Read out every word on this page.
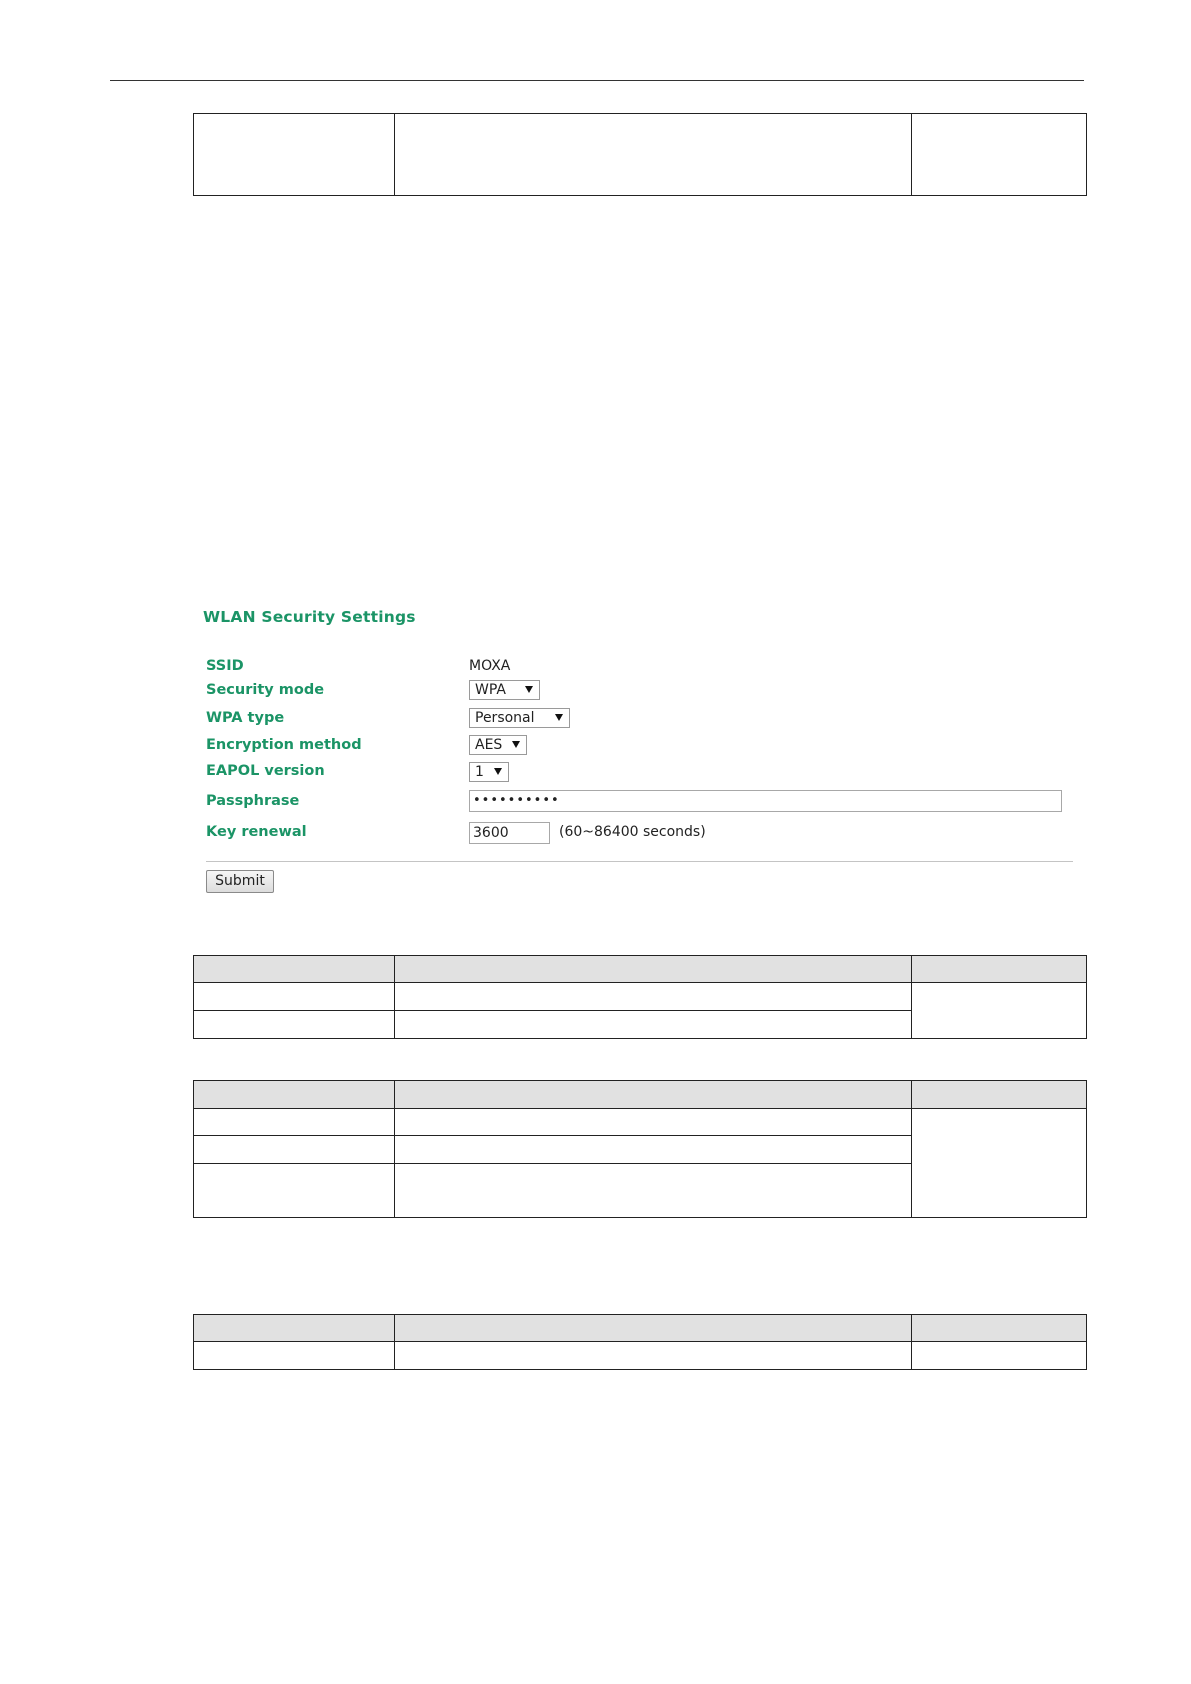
WLAN Security Settings
SSID	MOXA
Security mode	WPA
WPA type	Personal
Encryption method	AES
EAPOL version	1
Passphrase	••••••••••
Key renewal	3600	(60~86400 seconds)
Submit
